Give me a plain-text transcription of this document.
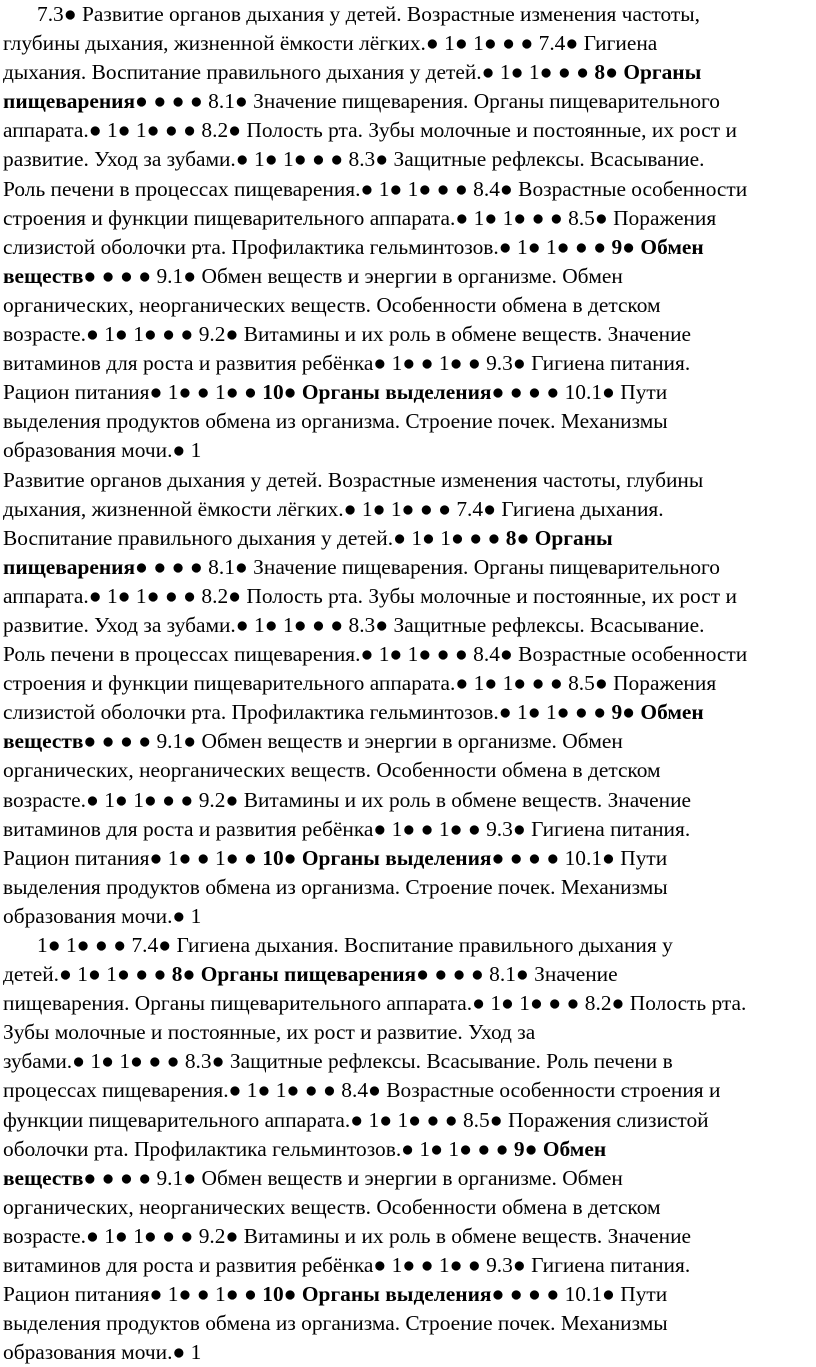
7.3● Развитие органов дыхания у детей. Возрастные изменения частоты,
глубины дыхания, жизненной ёмкости лёгких.● 1● 1● ● ● 7.4● Гигиена
дыхания. Воспитание правильного дыхания у детей.● 1● 1● ● ● 8● Органы
пищеварения● ● ● ● 8.1● Значение пищеварения. Органы пищеварительного
аппарата.● 1● 1● ● ● 8.2● Полость рта. Зубы молочные и постоянные, их рост и
развитие. Уход за зубами.● 1● 1● ● ● 8.3● Защитные рефлексы. Всасывание.
Роль печени в процессах пищеварения.● 1● 1● ● ● 8.4● Возрастные особенности
строения и функции пищеварительного аппарата.● 1● 1● ● ● 8.5● Поражения
слизистой оболочки рта. Профилактика гельминтозов.● 1● 1● ● ● 9● Обмен
веществ● ● ● ● 9.1● Обмен веществ и энергии в организме. Обмен
органических, неорганических веществ. Особенности обмена в детском
возрасте.● 1● 1● ● ● 9.2● Витамины и их роль в обмене веществ. Значение
витаминов для роста и развития ребёнка● 1● ● 1● ● 9.3● Гигиена питания.
Рацион питания● 1● ● 1● ● 10● Органы выделения● ● ● ● 10.1● Пути
выделения продуктов обмена из организма. Строение почек. Механизмы
образования мочи.● 1
Развитие органов дыхания у детей. Возрастные изменения частоты, глубины
дыхания, жизненной ёмкости лёгких.● 1● 1● ● ● 7.4● Гигиена дыхания.
Воспитание правильного дыхания у детей.● 1● 1● ● ● 8● Органы
пищеварения● ● ● ● 8.1● Значение пищеварения. Органы пищеварительного
аппарата.● 1● 1● ● ● 8.2● Полость рта. Зубы молочные и постоянные, их рост и
развитие. Уход за зубами.● 1● 1● ● ● 8.3● Защитные рефлексы. Всасывание.
Роль печени в процессах пищеварения.● 1● 1● ● ● 8.4● Возрастные особенности
строения и функции пищеварительного аппарата.● 1● 1● ● ● 8.5● Поражения
слизистой оболочки рта. Профилактика гельминтозов.● 1● 1● ● ● 9● Обмен
веществ● ● ● ● 9.1● Обмен веществ и энергии в организме. Обмен
органических, неорганических веществ. Особенности обмена в детском
возрасте.● 1● 1● ● ● 9.2● Витамины и их роль в обмене веществ. Значение
витаминов для роста и развития ребёнка● 1● ● 1● ● 9.3● Гигиена питания.
Рацион питания● 1● ● 1● ● 10● Органы выделения● ● ● ● 10.1● Пути
выделения продуктов обмена из организма. Строение почек. Механизмы
образования мочи.● 1
1● 1● ● ● 7.4● Гигиена дыхания. Воспитание правильного дыхания у
детей.● 1● 1● ● ● 8● Органы пищеварения● ● ● ● 8.1● Значение
пищеварения. Органы пищеварительного аппарата.● 1● 1● ● ● 8.2● Полость рта.
Зубы молочные и постоянные, их рост и развитие. Уход за
зубами.● 1● 1● ● ● 8.3● Защитные рефлексы. Всасывание. Роль печени в
процессах пищеварения.● 1● 1● ● ● 8.4● Возрастные особенности строения и
функции пищеварительного аппарата.● 1● 1● ● ● 8.5● Поражения слизистой
оболочки рта. Профилактика гельминтозов.● 1● 1● ● ● 9● Обмен
веществ● ● ● ● 9.1● Обмен веществ и энергии в организме. Обмен
органических, неорганических веществ. Особенности обмена в детском
возрасте.● 1● 1● ● ● 9.2● Витамины и их роль в обмене веществ. Значение
витаминов для роста и развития ребёнка● 1● ● 1● ● 9.3● Гигиена питания.
Рацион питания● 1● ● 1● ● 10● Органы выделения● ● ● ● 10.1● Пути
выделения продуктов обмена из организма. Строение почек. Механизмы
образования мочи.● 1
